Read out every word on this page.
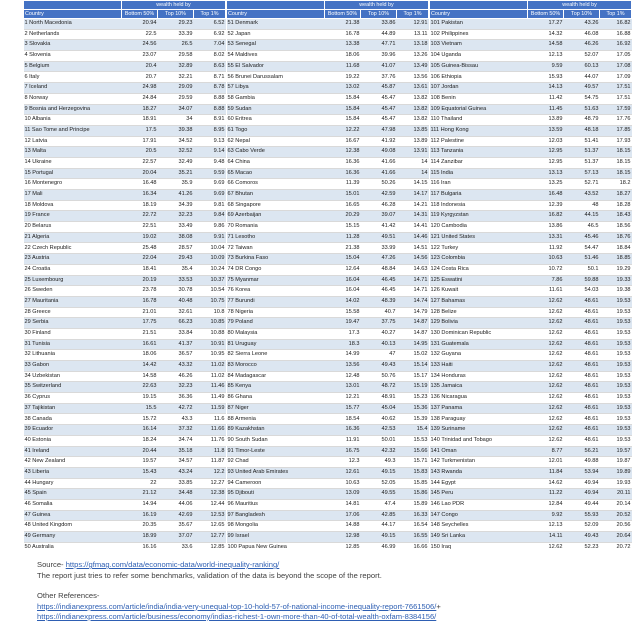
	wealth held by		
Country	Bottom 50%	Top 10%	Top 1%
1 North Macedonia	20.94	29.23	6.52
2 Netherlands	22.5	33.39	6.92
3 Slovakia	24.56	26.5	7.04
4 Slovenia	23.07	29.58	8.02
5 Belgium	20.4	32.89	8.63
6 Italy	20.7	32.21	8.71
7 Iceland	24.98	29.09	8.78
8 Norway	24.84	29.59	8.88
9 Bosnia and Herzegovina	18.27	34.07	8.88
10 Albania	18.91	34	8.91
11 Sao Tome and Principe	17.5	39.38	8.95
12 Latvia	17.91	34.52	9.13
13 Malta	20.5	32.52	9.14
14 Ukraine	22.57	32.49	9.48
15 Portugal	20.04	35.21	9.59
16 Montenegro	16.48	35.9	9.69
17 Mali	16.34	41.26	9.69
18 Moldova	18.19	34.39	9.81
19 France	22.72	32.23	9.84
20 Belarus	22.51	33.49	9.86
21 Algeria	19.02	38.08	9.91
22 Czech Republic	25.48	28.57	10.04
23 Austria	22.04	29.43	10.09
24 Croatia	18.41	35.4	10.24
25 Luxembourg	20.19	33.53	10.37
26 Sweden	23.78	30.78	10.54
27 Mauritania	16.78	40.48	10.75
28 Greece	21.01	32.61	10.8
29 Serbia	17.75	66.23	10.85
30 Finland	21.51	33.84	10.88
31 Tunisia	16.61	41.37	10.91
32 Lithuania	18.06	36.57	10.95
33 Gabon	14.42	43.32	11.02
34 Uzbekistan	14.58	46.26	11.02
35 Switzerland	22.63	32.23	11.46
36 Cyprus	19.15	36.36	11.49
37 Tajikistan	15.5	42.72	11.59
38 Canada	15.72	43.3	11.6
39 Ecuador	16.14	37.32	11.66
40 Estonia	18.24	34.74	11.76
41 Ireland	20.44	35.18	11.8
42 New Zealand	19.57	34.57	11.87
43 Liberia	15.43	43.24	12.2
44 Hungary	22	33.85	12.27
45 Spain	21.12	34.48	12.38
46 Somalia	14.94	44.06	12.44
47 Guinea	16.19	42.69	12.53
48 United Kingdom	20.35	35.67	12.65
49 Germany	18.99	37.07	12.77
50 Australia	16.16	33.6	12.85
	wealth held by		
Country	Bottom 50%	Top 10%	Top 1%
51 Denmark	21.38	33.86	12.91
52 Japan	16.78	44.89	13.11
53 Senegal	13.38	47.71	13.18
54 Maldives	18.06	39.96	13.26
55 El Salvador	11.68	41.07	13.49
56 Brunei Darussalam	19.22	37.76	13.56
57 Libya	13.02	45.87	13.61
58 Gambia	15.84	45.47	13.82
59 Sudan	15.84	45.47	13.82
60 Eritrea	15.84	45.47	13.82
61 Togo	12.22	47.98	13.85
62 Nepal	16.67	41.92	13.89
63 Cabo Verde	12.38	49.08	13.91
64 China	16.36	41.66	14
65 Macao	16.36	41.66	14
66 Comoros	11.39	50.26	14.15
67 Bhutan	15.01	42.59	14.17
68 Singapore	16.65	46.28	14.21
69 Azerbaijan	20.29	39.07	14.31
70 Romania	15.15	41.42	14.41
71 Lesotho	11.28	49.51	14.46
72 Taiwan	21.38	33.99	14.51
73 Burkina Faso	15.04	47.26	14.56
74 DR Congo	12.64	48.84	14.63
75 Myanmar	16.04	46.45	14.71
76 Korea	16.04	46.45	14.71
77 Burundi	14.02	48.39	14.74
78 Nigeria	15.58	40.7	14.79
79 Poland	19.47	37.75	14.87
80 Malaysia	17.3	40.27	14.87
81 Uruguay	18.3	40.13	14.95
82 Sierra Leone	14.99	47	15.02
83 Morocco	13.56	49.43	15.14
84 Madagascar	12.48	50.76	15.17
85 Kenya	13.01	48.72	15.19
86 Ghana	12.21	48.91	15.23
87 Niger	15.77	45.04	15.36
88 Armenia	18.54	40.62	15.39
89 Kazakhstan	16.36	42.53	15.4
90 South Sudan	11.91	50.01	15.53
91 Timor-Leste	16.75	42.32	15.66
92 Chad	12.3	49.3	15.71
93 United Arab Emirates	12.61	49.15	15.83
94 Cameroon	10.63	52.05	15.85
95 Djibouti	13.09	49.55	15.86
96 Mauritius	14.81	47.4	15.89
97 Bangladesh	17.06	42.85	16.33
98 Mongolia	14.88	44.17	16.54
99 Israel	12.98	49.15	16.55
100 Papua New Guinea	12.85	46.99	16.66
	wealth held by		
Country	Bottom 50%	Top 10%	Top 1%
101 Pakistan	17.27	43.26	16.82
102 Philippines	14.32	46.08	16.88
103 Vietnam	14.58	46.26	16.92
104 Uganda	12.13	52.07	17.05
105 Guinea-Bissau	9.59	60.13	17.08
106 Ethiopia	15.93	44.07	17.09
107 Jordan	14.13	49.57	17.51
108 Benin	11.42	54.75	17.51
109 Equatorial Guinea	11.45	51.63	17.59
110 Thailand	13.89	48.79	17.76
111 Hong Kong	13.59	48.18	17.85
112 Palestine	12.03	51.41	17.93
113 Tanzania	12.95	51.37	18.15
114 Zanzibar	12.95	51.37	18.15
115 India	13.13	57.13	18.15
116 Iran	13.25	52.71	18.2
117 Bulgaria	16.48	43.52	18.27
118 Indonesia	12.39	48	18.28
119 Kyrgyzstan	16.82	44.15	18.43
120 Cambodia	13.86	46.5	18.56
121 United States	13.31	45.46	18.76
122 Turkey	11.92	54.47	18.84
123 Colombia	10.63	51.46	18.85
124 Costa Rica	10.72	50.1	19.29
125 Eswatini	7.86	59.88	19.33
126 Kuwait	11.61	54.03	19.38
127 Bahamas	12.62	48.61	19.53
128 Belize	12.62	48.61	19.53
129 Bolivia	12.62	48.61	19.53
130 Dominican Republic	12.62	48.61	19.53
131 Guatemala	12.62	48.61	19.53
132 Guyana	12.62	48.61	19.53
133 Haiti	12.62	48.61	19.53
134 Honduras	12.62	48.61	19.53
135 Jamaica	12.62	48.61	19.53
136 Nicaragua	12.62	48.61	19.53
137 Panama	12.62	48.61	19.53
138 Paraguay	12.62	48.61	19.53
139 Suriname	12.62	48.61	19.53
140 Trinidad and Tobago	12.62	48.61	19.53
141 Oman	8.77	56.21	19.57
142 Turkmenistan	12.01	49.88	19.87
143 Rwanda	11.84	53.94	19.89
144 Egypt	14.62	49.94	19.93
145 Peru	11.22	49.94	20.11
146 Lao PDR	12.84	49.44	20.14
147 Congo	9.92	55.93	20.52
148 Seychelles	12.13	52.09	20.56
149 Sri Lanka	14.11	49.43	20.64
150 Iraq	12.62	52.23	20.72

Source- https://gfmag.com/data/economic-data/world-inequality-ranking/

The report just tries to refer some benchmarks, validation of the data is beyond the scope of the report.

Other References-

https://indianexpress.com/article/india/india-very-unequal-top-10-hold-57-of-national-income-inequality-report-7661506/+

https://indianexpress.com/article/business/economy/indias-richest-1-own-more-than-40-of-total-wealth-oxfam-8384156/
